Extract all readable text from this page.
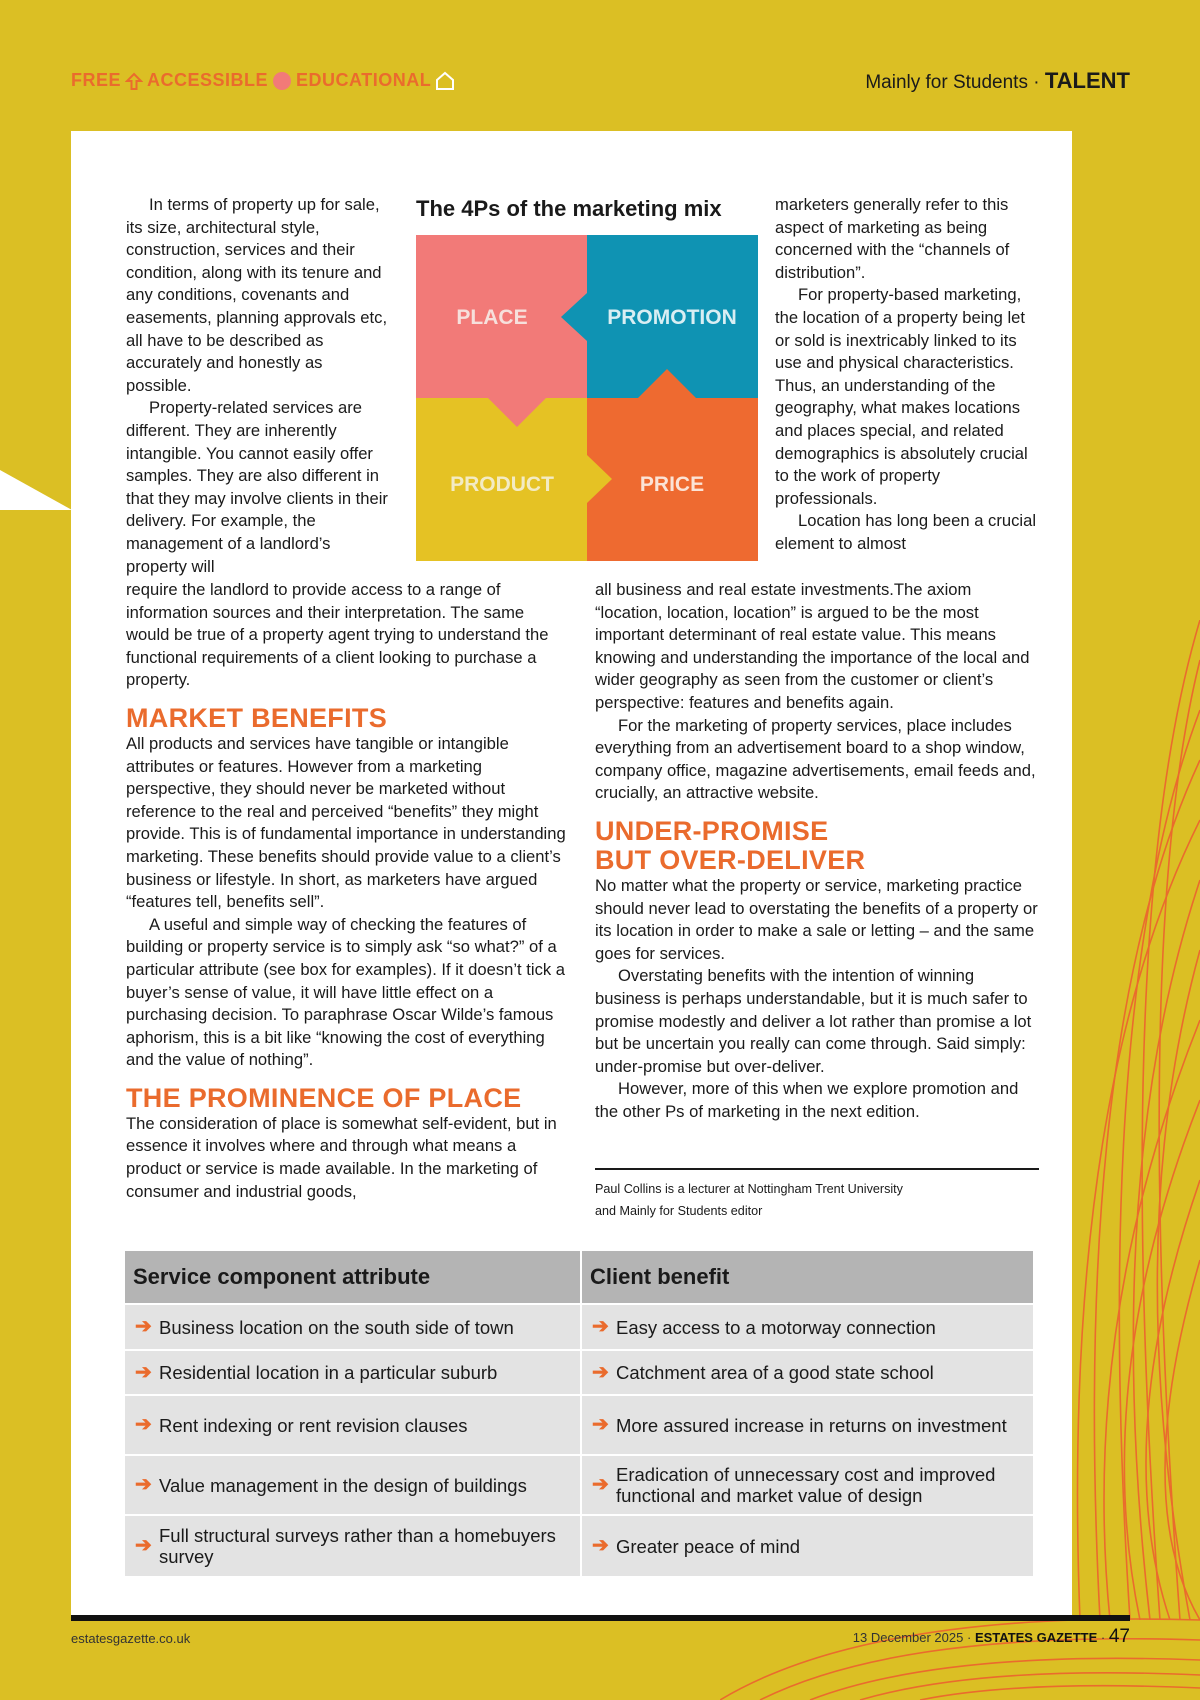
FREE ACCESSIBLE EDUCATIONAL	Mainly for Students · TALENT

In terms of property up for sale, its size, architectural style, construction, services and their condition, along with its tenure and any conditions, covenants and easements, planning approvals etc, all have to be described as accurately and honestly as possible.

Property-related services are different. They are inherently intangible. You cannot easily offer samples. They are also different in that they may involve clients in their delivery. For example, the management of a landlord’s property will

The 4Ps of the marketing mix
PLACE	PROMOTION
PRODUCT	PRICE

marketers generally refer to this aspect of marketing as being concerned with the “channels of distribution”.

For property-based marketing, the location of a property being let or sold is inextricably linked to its use and physical characteristics. Thus, an understanding of the geography, what makes locations and places special, and related demographics is absolutely crucial to the work of property professionals.

Location has long been a crucial element to almost

require the landlord to provide access to a range of information sources and their interpretation. The same would be true of a property agent trying to understand the functional requirements of a client looking to purchase a property.

MARKET BENEFITS

All products and services have tangible or intangible attributes or features. However from a marketing perspective, they should never be marketed without reference to the real and perceived “benefits” they might provide. This is of fundamental importance in understanding marketing. These benefits should provide value to a client’s business or lifestyle. In short, as marketers have argued “features tell, benefits sell”.

A useful and simple way of checking the features of building or property service is to simply ask “so what?” of a particular attribute (see box for examples). If it doesn’t tick a buyer’s sense of value, it will have little effect on a purchasing decision. To paraphrase Oscar Wilde’s famous aphorism, this is a bit like “knowing the cost of everything and the value of nothing”.

THE PROMINENCE OF PLACE

The consideration of place is somewhat self-evident, but in essence it involves where and through what means a product or service is made available. In the marketing of consumer and industrial goods,

all business and real estate investments.The axiom “location, location, location” is argued to be the most important determinant of real estate value. This means knowing and understanding the importance of the local and wider geography as seen from the customer or client’s perspective: features and benefits again.

For the marketing of property services, place includes everything from an advertisement board to a shop window, company office, magazine advertisements, email feeds and, crucially, an attractive website.

UNDER-PROMISE
BUT OVER-DELIVER

No matter what the property or service, marketing practice should never lead to overstating the benefits of a property or its location in order to make a sale or letting – and the same goes for services.

Overstating benefits with the intention of winning business is perhaps understandable, but it is much safer to promise modestly and deliver a lot rather than promise a lot but be uncertain you really can come through. Said simply: under-promise but over-deliver.

However, more of this when we explore promotion and the other Ps of marketing in the next edition.

Paul Collins is a lecturer at Nottingham Trent University
and Mainly for Students editor
Service component attribute	Client benefit

➔ Business location on the south side of town	➔ Easy access to a motorway connection

➔ Residential location in a particular suburb	➔ Catchment area of a good state school

➔ Rent indexing or rent revision clauses	➔ More assured increase in returns on investment

➔ Value management in the design of buildings	➔ Eradication of unnecessary cost and improved functional and market value of design

➔ Full structural surveys rather than a homebuyers survey	➔ Greater peace of mind
estatesgazette.co.uk	13 December 2025 · ESTATES GAZETTE · 47
